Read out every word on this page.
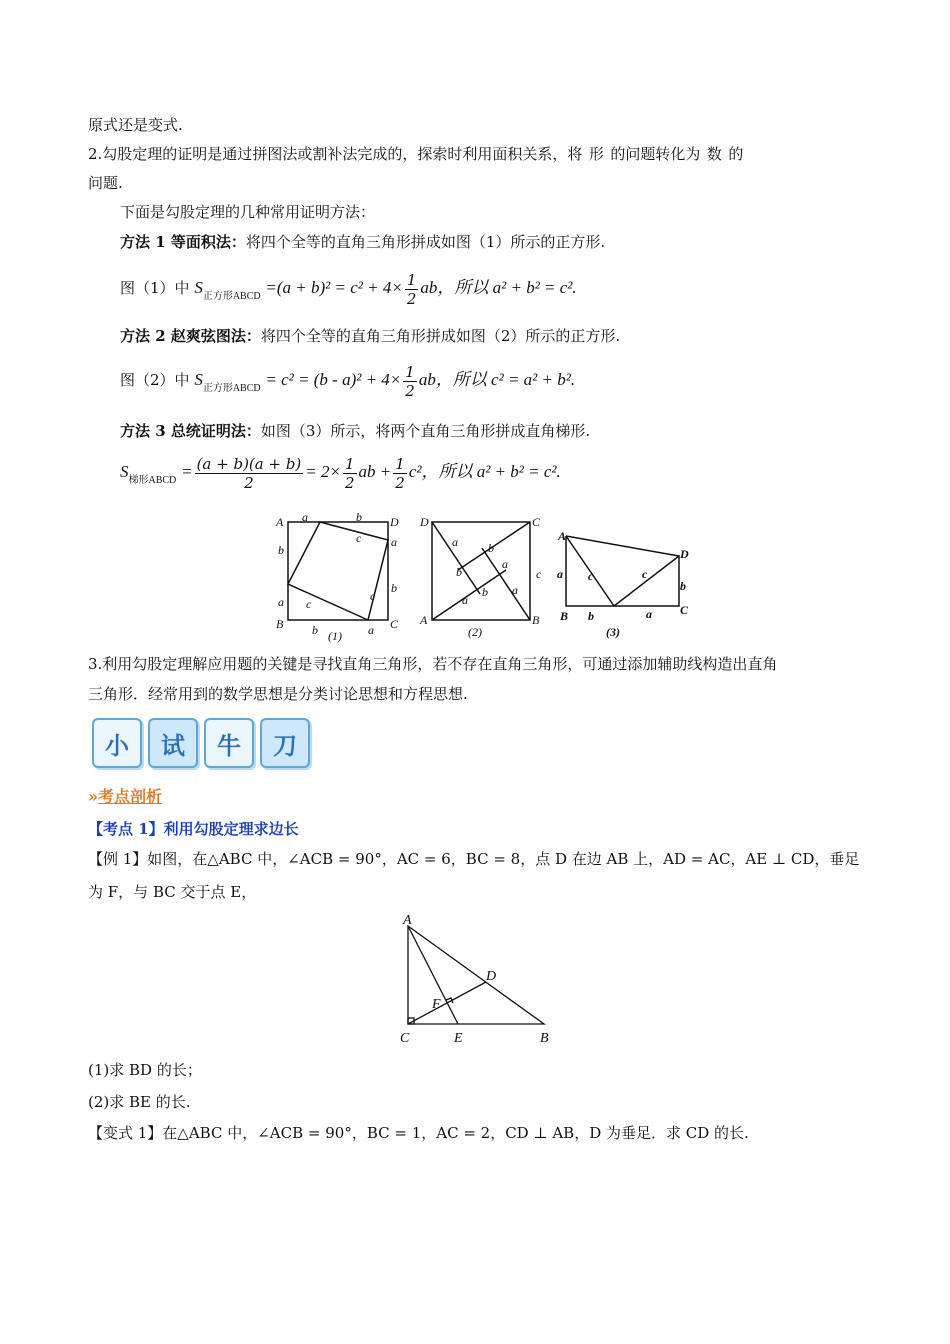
原式还是变式.
2.勾股定理的证明是通过拼图法或割补法完成的，探索时利用面积关系，将 形 的问题转化为 数 的
问题.
下面是勾股定理的几种常用证明方法：
方法 1 等面积法：将四个全等的直角三角形拼成如图（1）所示的正方形.
图（1）中 $S_{正方形ABCD} =(a + b)^2 = c^2 + 4\times \frac{1}{2}$ ab，所以 a² + b² = c².
方法 2 赵爽弦图法：将四个全等的直角三角形拼成如图（2）所示的正方形.
图（2）中 $S_{正方形ABCD} = c^2 = (b - a)^2 + 4\times \frac{1}{2}$ ab，所以 c² = a² + b².
方法 3 总统证明法：如图（3）所示，将两个直角三角形拼成直角梯形.
$S_{梯形ABCD} = \frac{(a + b)(a + b)}{2} = 2\times \frac{1}{2}$ ab + $\frac{1}{2} c^2$，所以 a² + b² = c².
A	D
B	C
a	b
b
a
a
b
b	a
c
c
c
(1)
D	C
A	B
a	b
a
c
b
b
a
a
(2)
A
D
B	C
a c	c
b
b	a
(3)
3.利用勾股定理解应用题的关键是寻找直角三角形，若不存在直角三角形，可通过添加辅助线构造出直角
三角形．经常用到的数学思想是分类讨论思想和方程思想.
小	试	牛	刀
»考点剖析
【考点 1】利用勾股定理求边长
【例 1】如图，在△ABC 中，∠ACB = 90°，AC = 6，BC = 8，点 D 在边 AB 上，AD = AC，AE ⊥ CD，垂足
为 F，与 BC 交于点 E，
A
D
F
C	E	B
(1)求 BD 的长；
(2)求 BE 的长.
【变式 1】在△ABC 中，∠ACB = 90°，BC = 1，AC = 2，CD ⊥ AB，D 为垂足．求 CD 的长.
